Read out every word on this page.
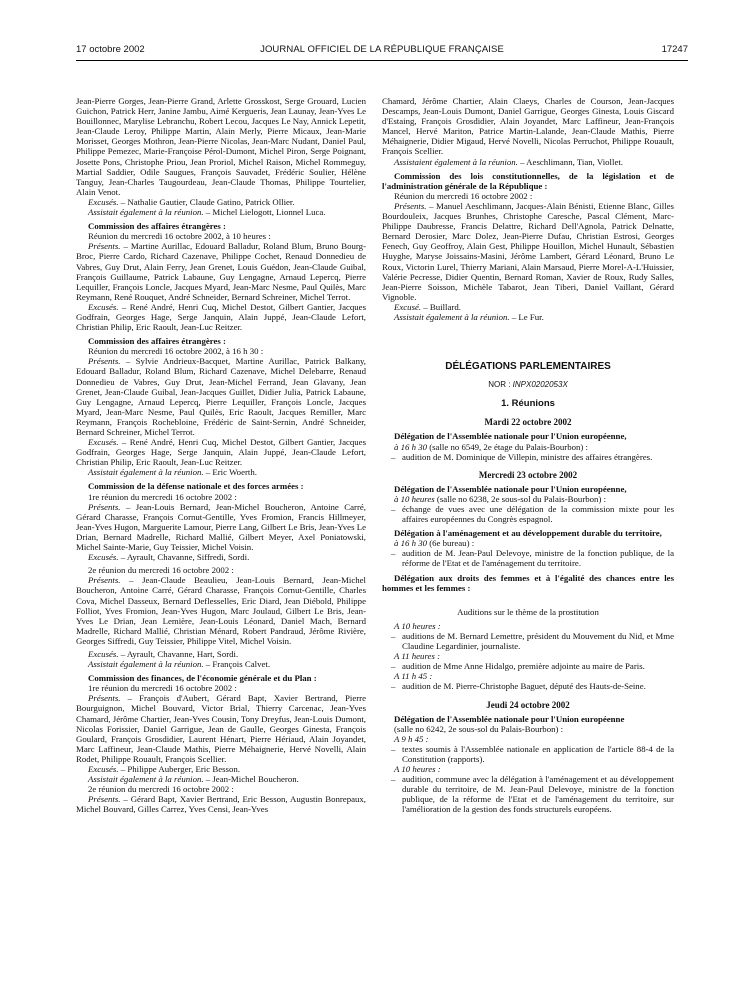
17 octobre 2002	JOURNAL OFFICIEL DE LA RÉPUBLIQUE FRANÇAISE	17247

Jean-Pierre Gorges, Jean-Pierre Grand, Arlette Grosskost, Serge Grouard, Lucien Guichon, Patrick Herr, Janine Jambu, Aimé Kergueris, Jean Launay, Jean-Yves Le Bouillonnec, Marylise Lebranchu, Robert Lecou, Jacques Le Nay, Annick Lepetit, Jean-Claude Leroy, Philippe Martin, Alain Merly, Pierre Micaux, Jean-Marie Morisset, Georges Mothron, Jean-Pierre Nicolas, Jean-Marc Nudant, Daniel Paul, Philippe Pemezec, Marie-Françoise Pérol-Dumont, Michel Piron, Serge Poignant, Josette Pons, Christophe Priou, Jean Proriol, Michel Raison, Michel Rommeguy, Martial Saddier, Odile Saugues, François Sauvadet, Frédéric Soulier, Hélène Tanguy, Jean-Charles Taugourdeau, Jean-Claude Thomas, Philippe Tourtelier, Alain Venot.

Excusés. – Nathalie Gautier, Claude Gatino, Patrick Ollier.

Assistait également à la réunion. – Michel Lielogott, Lionnel Luca.

Commission des affaires étrangères :

Réunion du mercredi 16 octobre 2002, à 10 heures :

Présents. – Martine Aurillac, Edouard Balladur, Roland Blum, Bruno Bourg-Broc, Pierre Cardo, Richard Cazenave, Philippe Cochet, Renaud Donnedieu de Vabres, Guy Drut, Alain Ferry, Jean Grenet, Louis Guédon, Jean-Claude Guibal, François Guillaume, Patrick Labaune, Guy Lengagne, Arnaud Lepercq, Pierre Lequiller, François Loncle, Jacques Myard, Jean-Marc Nesme, Paul Quilès, Marc Reymann, René Rouquet, André Schneider, Bernard Schreiner, Michel Terrot.

Excusés. – René André, Henri Cuq, Michel Destot, Gilbert Gantier, Jacques Godfrain, Georges Hage, Serge Janquin, Alain Juppé, Jean-Claude Lefort, Christian Philip, Eric Raoult, Jean-Luc Reitzer.

Commission des affaires étrangères :

Réunion du mercredi 16 octobre 2002, à 16 h 30 :

Présents. – Sylvie Andrieux-Bacquet, Martine Aurillac, Patrick Balkany, Edouard Balladur, Roland Blum, Richard Cazenave, Michel Delebarre, Renaud Donnedieu de Vabres, Guy Drut, Jean-Michel Ferrand, Jean Glavany, Jean Grenet, Jean-Claude Guibal, Jean-Jacques Guillet, Didier Julia, Patrick Labaune, Guy Lengagne, Arnaud Lepercq, Pierre Lequiller, François Loncle, Jacques Myard, Jean-Marc Nesme, Paul Quilès, Eric Raoult, Jacques Remiller, Marc Reymann, François Rochebloine, Frédéric de Saint-Sernin, André Schneider, Bernard Schreiner, Michel Terrot.

Excusés. – René André, Henri Cuq, Michel Destot, Gilbert Gantier, Jacques Godfrain, Georges Hage, Serge Janquin, Alain Juppé, Jean-Claude Lefort, Christian Philip, Eric Raoult, Jean-Luc Reitzer.

Assistait également à la réunion. – Eric Woerth.

Commission de la défense nationale et des forces armées :

1re réunion du mercredi 16 octobre 2002 :

Présents. – Jean-Louis Bernard, Jean-Michel Boucheron, Antoine Carré, Gérard Charasse, François Cornut-Gentille, Yves Fromion, Francis Hillmeyer, Jean-Yves Hugon, Marguerite Lamour, Pierre Lang, Gilbert Le Bris, Jean-Yves Le Drian, Bernard Madrelle, Richard Mallié, Gilbert Meyer, Axel Poniatowski, Michel Sainte-Marie, Guy Teissier, Michel Voisin.

Excusés. – Ayrault, Chavanne, Siffredi, Sordi.

2e réunion du mercredi 16 octobre 2002 :

Présents. – Jean-Claude Beaulieu, Jean-Louis Bernard, Jean-Michel Boucheron, Antoine Carré, Gérard Charasse, François Cornut-Gentille, Charles Cova, Michel Dasseux, Bernard Deflesselles, Eric Diard, Jean Diébold, Philippe Folliot, Yves Fromion, Jean-Yves Hugon, Marc Joulaud, Gilbert Le Bris, Jean-Yves Le Drian, Jean Lemière, Jean-Louis Léonard, Daniel Mach, Bernard Madrelle, Richard Mallié, Christian Ménard, Robert Pandraud, Jérôme Rivière, Georges Siffredi, Guy Teissier, Philippe Vitel, Michel Voisin.

Excusés. – Ayrault, Chavanne, Hart, Sordi.

Assistait également à la réunion. – François Calvet.

Commission des finances, de l'économie générale et du Plan :

1re réunion du mercredi 16 octobre 2002 :

Présents. – François d'Aubert, Gérard Bapt, Xavier Bertrand, Pierre Bourguignon, Michel Bouvard, Victor Brial, Thierry Carcenac, Jean-Yves Chamard, Jérôme Chartier, Jean-Yves Cousin, Tony Dreyfus, Jean-Louis Dumont, Nicolas Forissier, Daniel Garrigue, Jean de Gaulle, Georges Ginesta, François Goulard, François Grosdidier, Laurent Hénart, Pierre Hériaud, Alain Joyandet, Marc Laffineur, Jean-Claude Mathis, Pierre Méhaignerie, Hervé Novelli, Alain Rodet, Philippe Rouault, François Scellier.

Excusés. – Philippe Auberger, Eric Besson.

Assistait également à la réunion. – Jean-Michel Boucheron.

2e réunion du mercredi 16 octobre 2002 :

Présents. – Gérard Bapt, Xavier Bertrand, Eric Besson, Augustin Bonrepaux, Michel Bouvard, Gilles Carrez, Yves Censi, Jean-Yves

Chamard, Jérôme Chartier, Alain Claeys, Charles de Courson, Jean-Jacques Descamps, Jean-Louis Dumont, Daniel Garrigue, Georges Ginesta, Louis Giscard d'Estaing, François Grosdidier, Alain Joyandet, Marc Laffineur, Jean-François Mancel, Hervé Mariton, Patrice Martin-Lalande, Jean-Claude Mathis, Pierre Méhaignerie, Didier Migaud, Hervé Novelli, Nicolas Perruchot, Philippe Rouault, François Scellier.

Assistaient également à la réunion. – Aeschlimann, Tian, Viollet.

Commission des lois constitutionnelles, de la législation et de l'administration générale de la République :

Réunion du mercredi 16 octobre 2002 :

Présents. – Manuel Aeschlimann, Jacques-Alain Bénisti, Etienne Blanc, Gilles Bourdouleix, Jacques Brunhes, Christophe Caresche, Pascal Clément, Marc-Philippe Daubresse, Francis Delattre, Richard Dell'Agnola, Patrick Delnatte, Bernard Derosier, Marc Dolez, Jean-Pierre Dufau, Christian Estrosi, Georges Fenech, Guy Geoffroy, Alain Gest, Philippe Houillon, Michel Hunault, Sébastien Huyghe, Maryse Joissains-Masini, Jérôme Lambert, Gérard Léonard, Bruno Le Roux, Victorin Lurel, Thierry Mariani, Alain Marsaud, Pierre Morel-A-L'Huissier, Valérie Pecresse, Didier Quentin, Bernard Roman, Xavier de Roux, Rudy Salles, Jean-Pierre Soisson, Michèle Tabarot, Jean Tiberi, Daniel Vaillant, Gérard Vignoble.

Excusé. – Buillard.

Assistait également à la réunion. – Le Fur.

DÉLÉGATIONS PARLEMENTAIRES

NOR : INPX0202053X

1. Réunions

Mardi 22 octobre 2002

Délégation de l'Assemblée nationale pour l'Union européenne,

à 16 h 30 (salle no 6549, 2e étage du Palais-Bourbon) :

– audition de M. Dominique de Villepin, ministre des affaires étrangères.

Mercredi 23 octobre 2002

Délégation de l'Assemblée nationale pour l'Union européenne,

à 10 heures (salle no 6238, 2e sous-sol du Palais-Bourbon) :

– échange de vues avec une délégation de la commission mixte pour les affaires européennes du Congrès espagnol.

Délégation à l'aménagement et au développement durable du territoire,

à 16 h 30 (6e bureau) :

– audition de M. Jean-Paul Delevoye, ministre de la fonction publique, de la réforme de l'Etat et de l'aménagement du territoire.

Délégation aux droits des femmes et à l'égalité des chances entre les hommes et les femmes :

Auditions sur le thème de la prostitution

A 10 heures :

– auditions de M. Bernard Lemettre, président du Mouvement du Nid, et Mme Claudine Legardinier, journaliste.

A 11 heures :

– audition de Mme Anne Hidalgo, première adjointe au maire de Paris.

A 11 h 45 :

– audition de M. Pierre-Christophe Baguet, député des Hauts-de-Seine.

Jeudi 24 octobre 2002

Délégation de l'Assemblée nationale pour l'Union européenne

(salle no 6242, 2e sous-sol du Palais-Bourbon) :

A 9 h 45 :

– textes soumis à l'Assemblée nationale en application de l'article 88-4 de la Constitution (rapports).

A 10 heures :

– audition, commune avec la délégation à l'aménagement et au développement durable du territoire, de M. Jean-Paul Delevoye, ministre de la fonction publique, de la réforme de l'Etat et de l'aménagement du territoire, sur l'amélioration de la gestion des fonds structurels européens.
